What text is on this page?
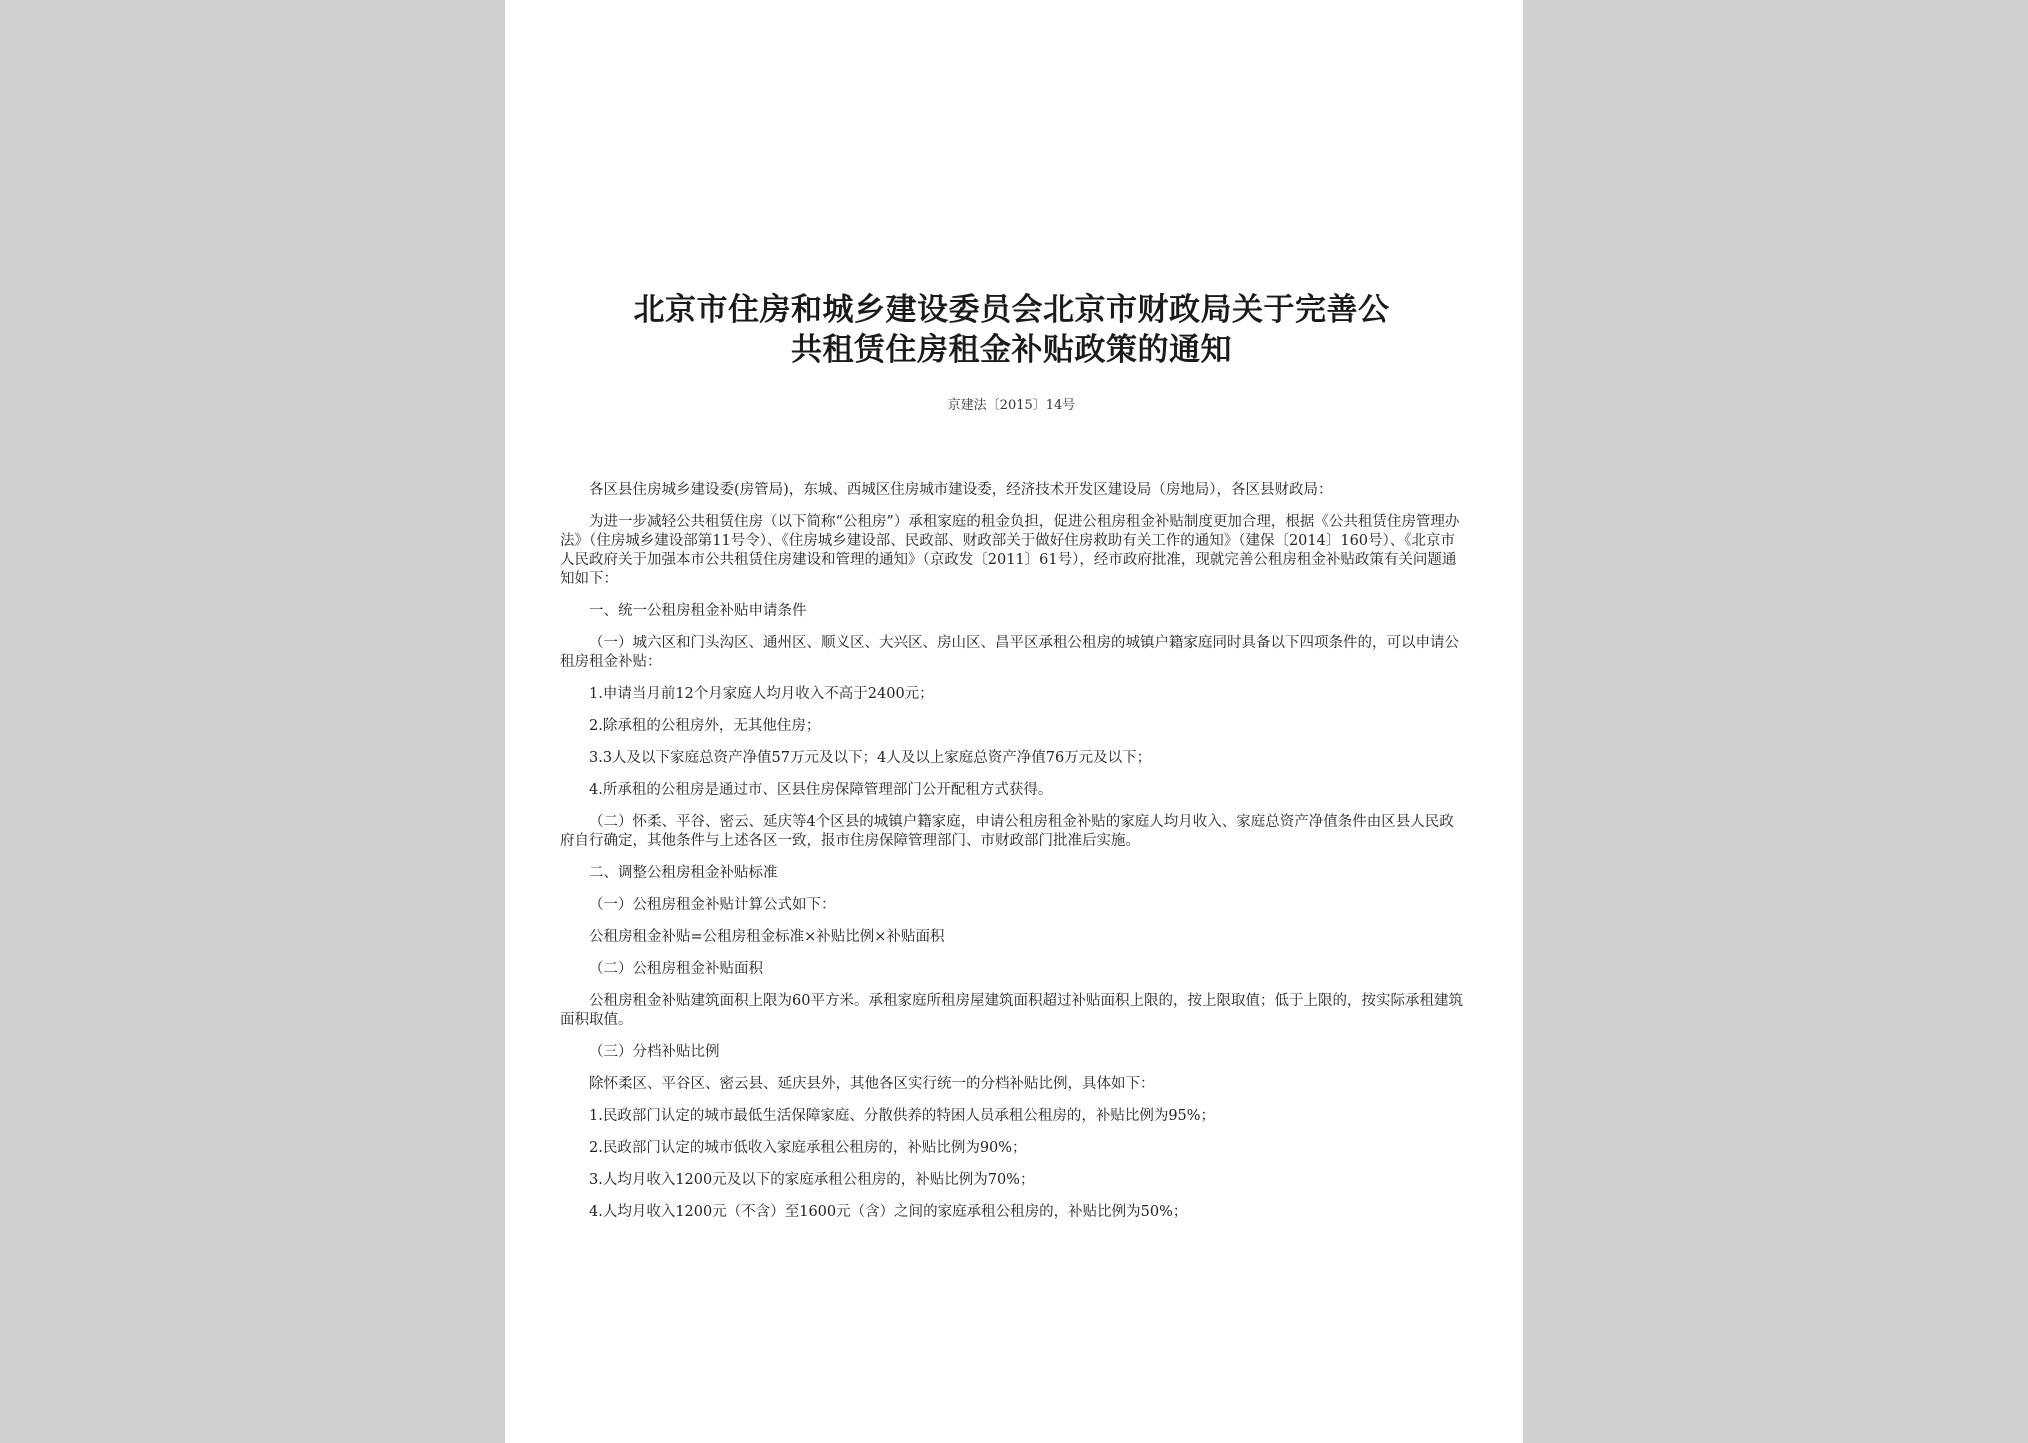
北京市住房和城乡建设委员会北京市财政局关于完善公
共租赁住房租金补贴政策的通知
京建法〔2015〕14号

各区县住房城乡建设委(房管局)，东城、西城区住房城市建设委，经济技术开发区建设局（房地局），各区县财政局：

为进一步减轻公共租赁住房（以下简称“公租房”）承租家庭的租金负担，促进公租房租金补贴制度更加合理，根据《公共租赁住房管理办法》（住房城乡建设部第11号令）、《住房城乡建设部、民政部、财政部关于做好住房救助有关工作的通知》（建保〔2014〕160号）、《北京市人民政府关于加强本市公共租赁住房建设和管理的通知》（京政发〔2011〕61号），经市政府批准，现就完善公租房租金补贴政策有关问题通知如下：

一、统一公租房租金补贴申请条件

（一）城六区和门头沟区、通州区、顺义区、大兴区、房山区、昌平区承租公租房的城镇户籍家庭同时具备以下四项条件的，可以申请公租房租金补贴：

1.申请当月前12个月家庭人均月收入不高于2400元；

2.除承租的公租房外，无其他住房；

3.3人及以下家庭总资产净值57万元及以下；4人及以上家庭总资产净值76万元及以下；

4.所承租的公租房是通过市、区县住房保障管理部门公开配租方式获得。

（二）怀柔、平谷、密云、延庆等4个区县的城镇户籍家庭，申请公租房租金补贴的家庭人均月收入、家庭总资产净值条件由区县人民政府自行确定，其他条件与上述各区一致，报市住房保障管理部门、市财政部门批准后实施。

二、调整公租房租金补贴标准

（一）公租房租金补贴计算公式如下：

公租房租金补贴=公租房租金标准×补贴比例×补贴面积

（二）公租房租金补贴面积

公租房租金补贴建筑面积上限为60平方米。承租家庭所租房屋建筑面积超过补贴面积上限的，按上限取值；低于上限的，按实际承租建筑面积取值。

（三）分档补贴比例

除怀柔区、平谷区、密云县、延庆县外，其他各区实行统一的分档补贴比例，具体如下：

1.民政部门认定的城市最低生活保障家庭、分散供养的特困人员承租公租房的，补贴比例为95%；

2.民政部门认定的城市低收入家庭承租公租房的，补贴比例为90%；

3.人均月收入1200元及以下的家庭承租公租房的，补贴比例为70%；

4.人均月收入1200元（不含）至1600元（含）之间的家庭承租公租房的，补贴比例为50%；
